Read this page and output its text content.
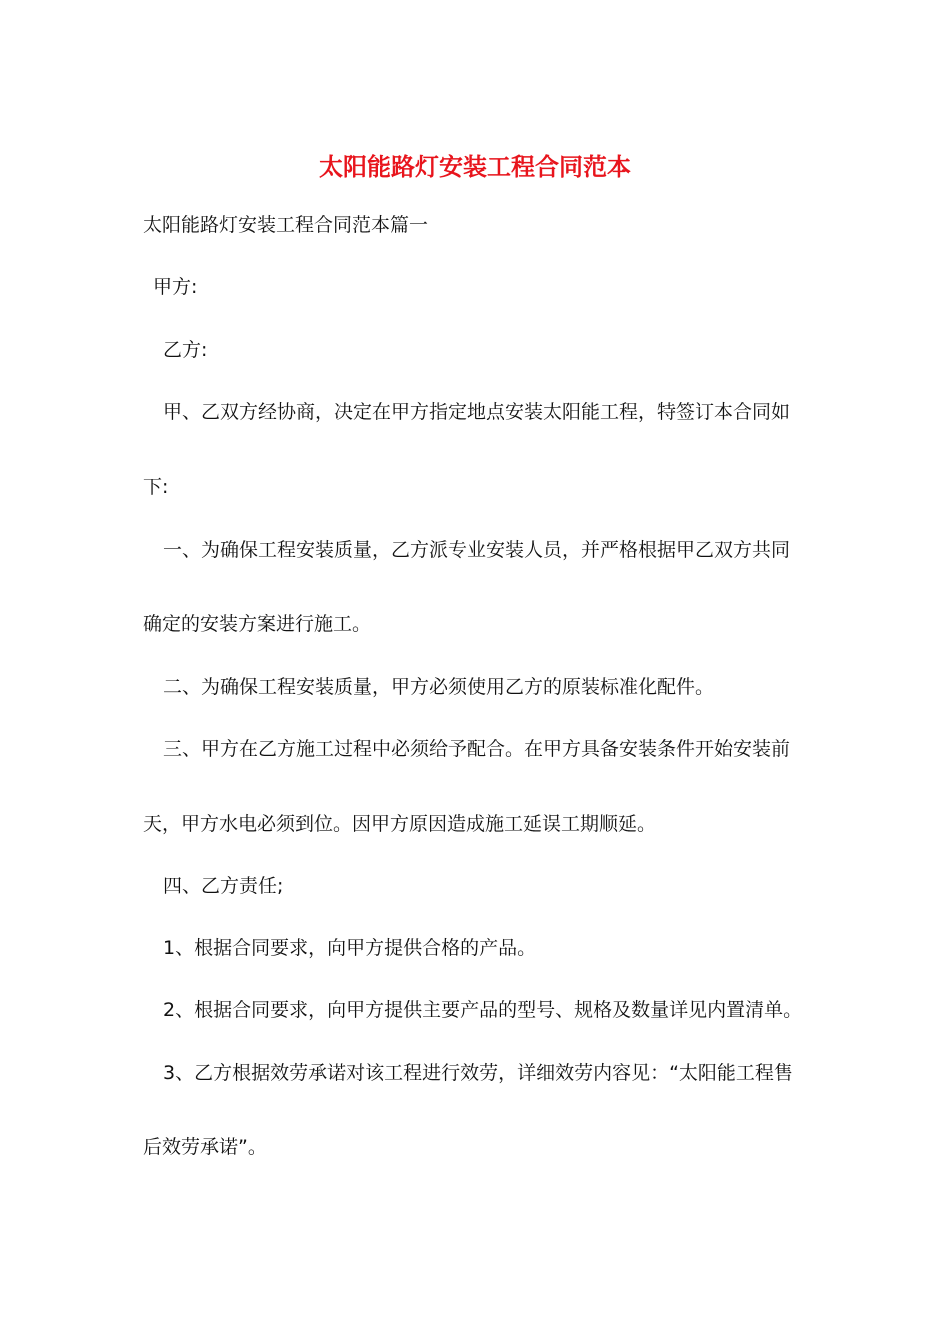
太阳能路灯安装工程合同范本
太阳能路灯安装工程合同范本篇一
甲方:
乙方:
甲、乙双方经协商，决定在甲方指定地点安装太阳能工程，特签订本合同如
下:
一、为确保工程安装质量，乙方派专业安装人员，并严格根据甲乙双方共同
确定的安装方案进行施工。
二、为确保工程安装质量，甲方必须使用乙方的原装标准化配件。
三、甲方在乙方施工过程中必须给予配合。在甲方具备安装条件开始安装前
天，甲方水电必须到位。因甲方原因造成施工延误工期顺延。
四、乙方责任;
1、根据合同要求，向甲方提供合格的产品。
2、根据合同要求，向甲方提供主要产品的型号、规格及数量详见内置清单。
3、乙方根据效劳承诺对该工程进行效劳，详细效劳内容见：“太阳能工程售
后效劳承诺”。
